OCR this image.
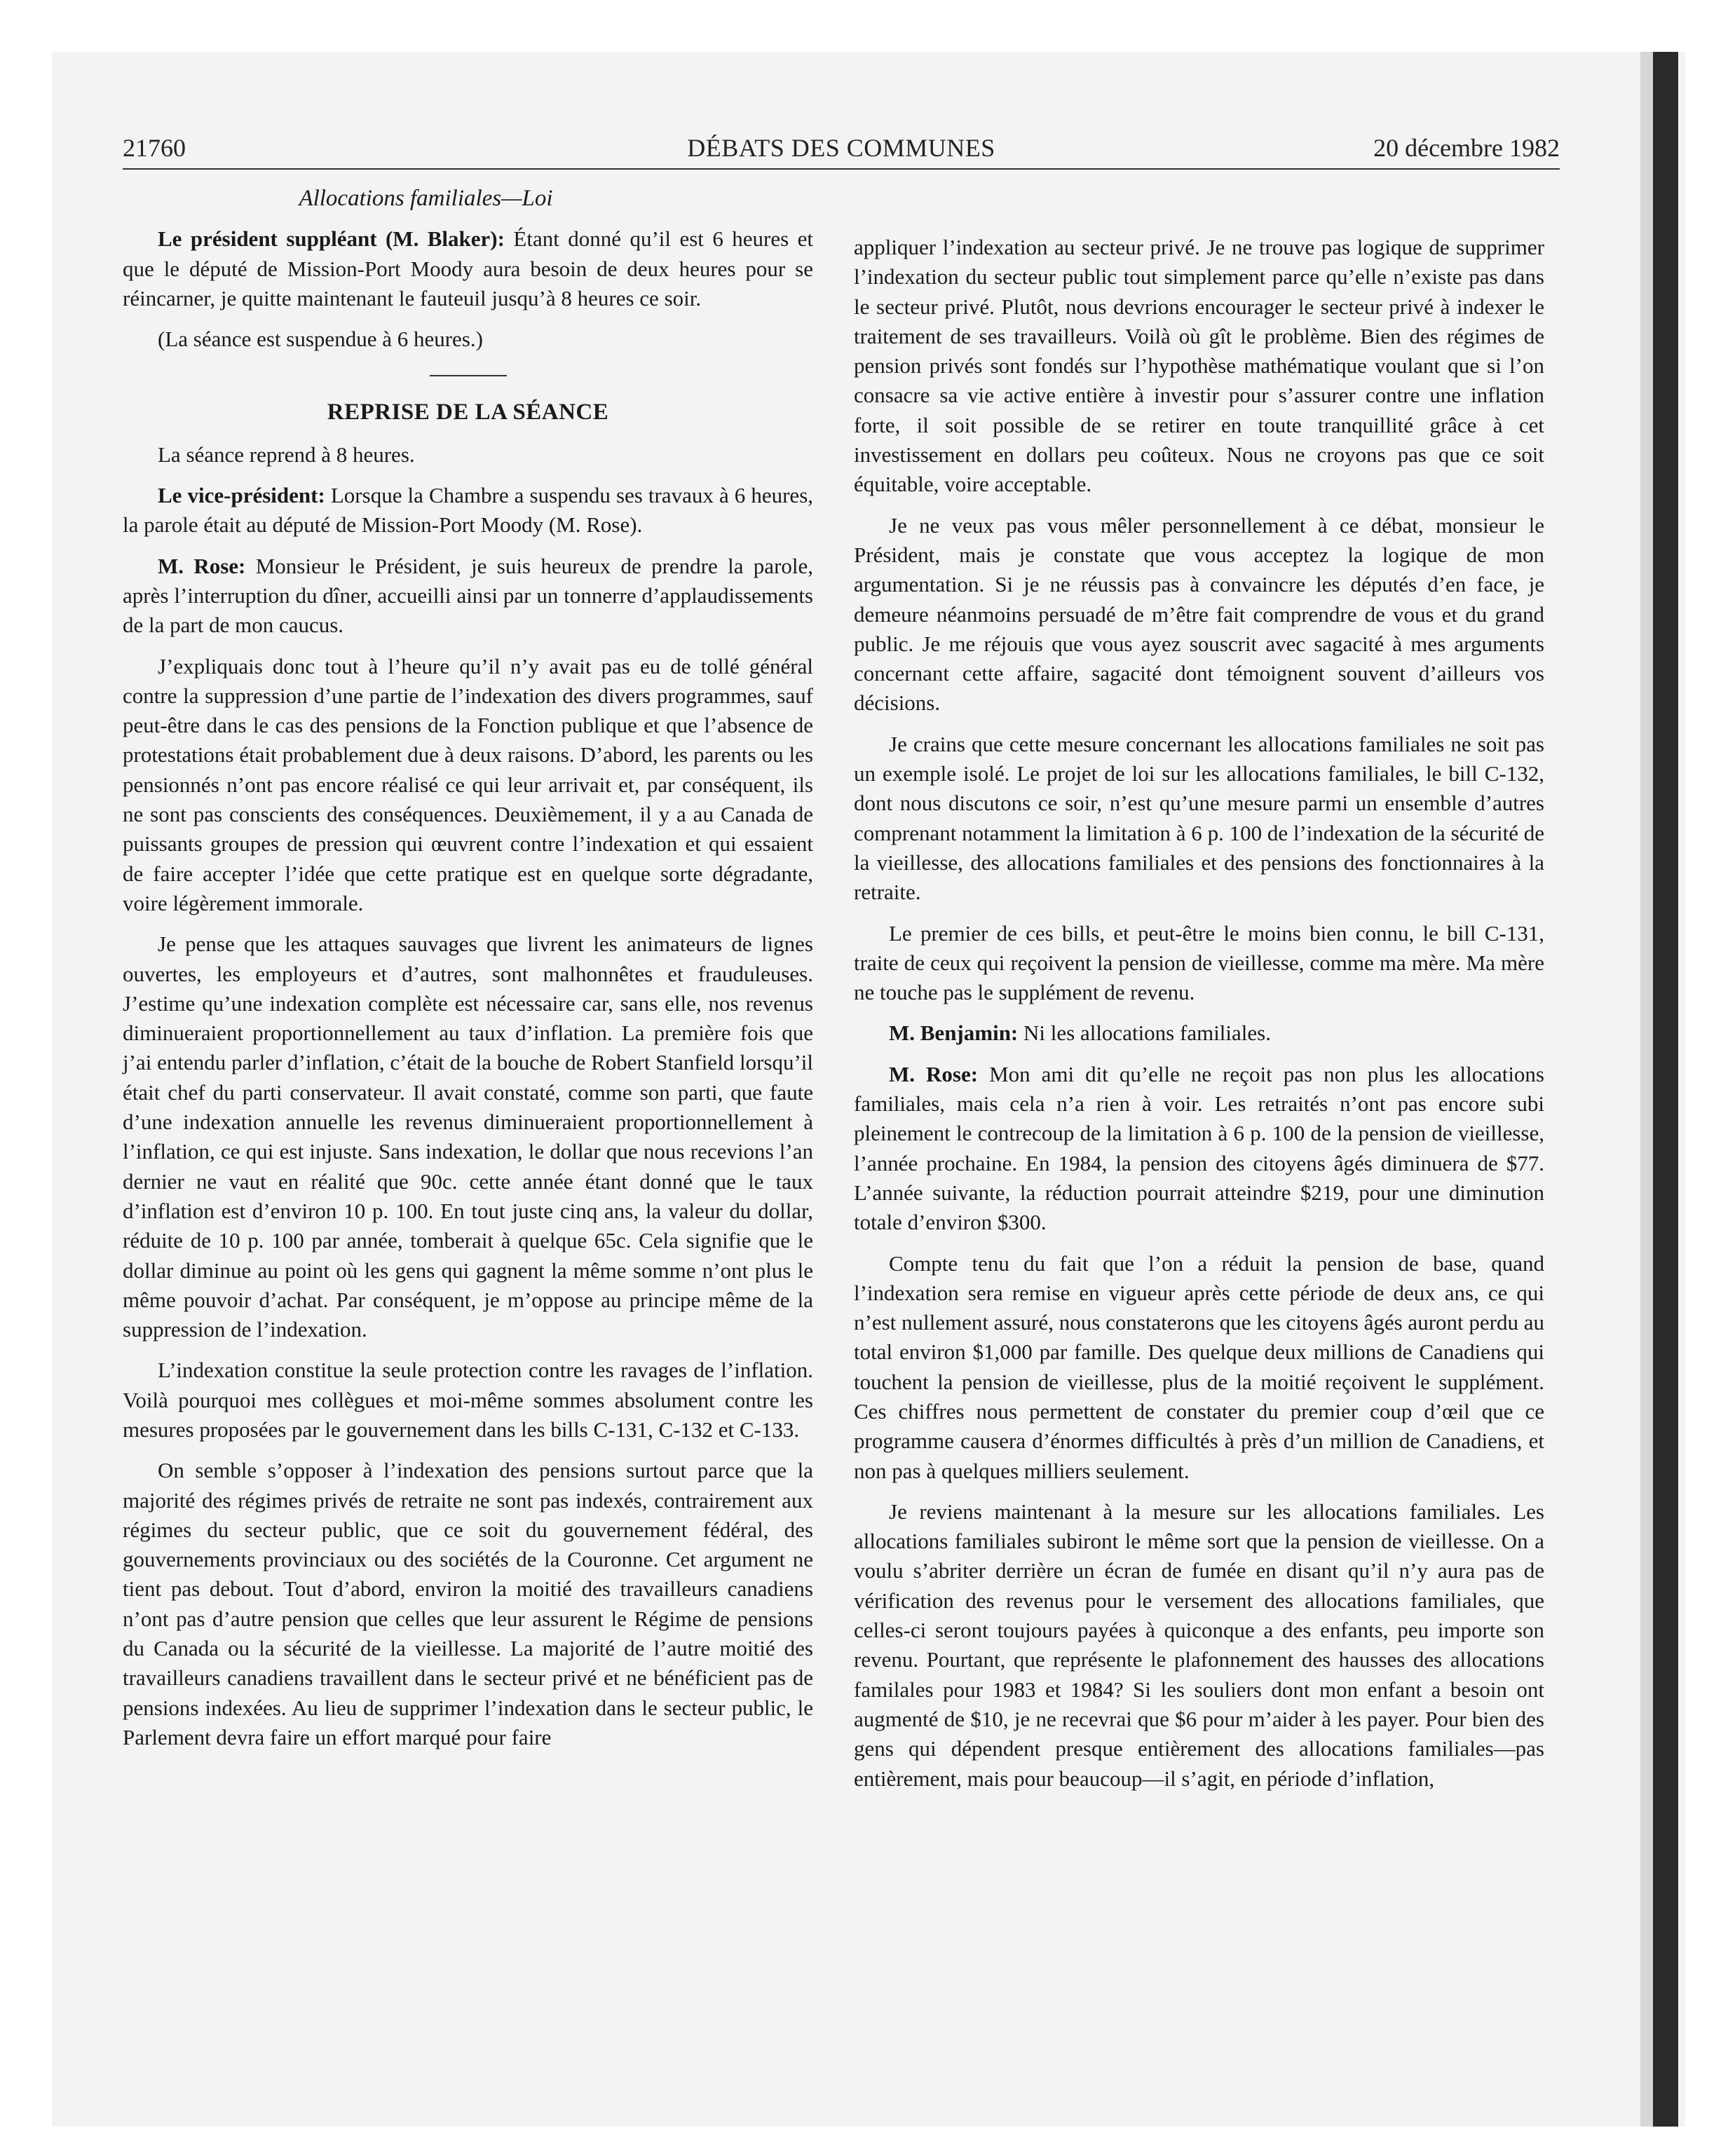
21760	DÉBATS DES COMMUNES	20 décembre 1982

Allocations familiales—Loi

Le président suppléant (M. Blaker): Étant donné qu’il est 6 heures et que le député de Mission-Port Moody aura besoin de deux heures pour se réincarner, je quitte maintenant le fauteuil jusqu’à 8 heures ce soir.

(La séance est suspendue à 6 heures.)

REPRISE DE LA SÉANCE

La séance reprend à 8 heures.

Le vice-président: Lorsque la Chambre a suspendu ses travaux à 6 heures, la parole était au député de Mission-Port Moody (M. Rose).

M. Rose: Monsieur le Président, je suis heureux de prendre la parole, après l’interruption du dîner, accueilli ainsi par un tonnerre d’applaudissements de la part de mon caucus.

J’expliquais donc tout à l’heure qu’il n’y avait pas eu de tollé général contre la suppression d’une partie de l’indexation des divers programmes, sauf peut-être dans le cas des pensions de la Fonction publique et que l’absence de protestations était probablement due à deux raisons. D’abord, les parents ou les pensionnés n’ont pas encore réalisé ce qui leur arrivait et, par conséquent, ils ne sont pas conscients des conséquences. Deuxièmement, il y a au Canada de puissants groupes de pression qui œuvrent contre l’indexation et qui essaient de faire accepter l’idée que cette pratique est en quelque sorte dégradante, voire légèrement immorale.

Je pense que les attaques sauvages que livrent les animateurs de lignes ouvertes, les employeurs et d’autres, sont malhonnêtes et frauduleuses. J’estime qu’une indexation complète est nécessaire car, sans elle, nos revenus diminueraient proportionnellement au taux d’inflation. La première fois que j’ai entendu parler d’inflation, c’était de la bouche de Robert Stanfield lorsqu’il était chef du parti conservateur. Il avait constaté, comme son parti, que faute d’une indexation annuelle les revenus diminueraient proportionnellement à l’inflation, ce qui est injuste. Sans indexation, le dollar que nous recevions l’an dernier ne vaut en réalité que 90c. cette année étant donné que le taux d’inflation est d’environ 10 p. 100. En tout juste cinq ans, la valeur du dollar, réduite de 10 p. 100 par année, tomberait à quelque 65c. Cela signifie que le dollar diminue au point où les gens qui gagnent la même somme n’ont plus le même pouvoir d’achat. Par conséquent, je m’oppose au principe même de la suppression de l’indexation.

L’indexation constitue la seule protection contre les ravages de l’inflation. Voilà pourquoi mes collègues et moi-même sommes absolument contre les mesures proposées par le gouvernement dans les bills C-131, C-132 et C-133.

On semble s’opposer à l’indexation des pensions surtout parce que la majorité des régimes privés de retraite ne sont pas indexés, contrairement aux régimes du secteur public, que ce soit du gouvernement fédéral, des gouvernements provinciaux ou des sociétés de la Couronne. Cet argument ne tient pas debout. Tout d’abord, environ la moitié des travailleurs canadiens n’ont pas d’autre pension que celles que leur assurent le Régime de pensions du Canada ou la sécurité de la vieillesse. La majorité de l’autre moitié des travailleurs canadiens travaillent dans le secteur privé et ne bénéficient pas de pensions indexées. Au lieu de supprimer l’indexation dans le secteur public, le Parlement devra faire un effort marqué pour faire

appliquer l’indexation au secteur privé. Je ne trouve pas logique de supprimer l’indexation du secteur public tout simplement parce qu’elle n’existe pas dans le secteur privé. Plutôt, nous devrions encourager le secteur privé à indexer le traitement de ses travailleurs. Voilà où gît le problème. Bien des régimes de pension privés sont fondés sur l’hypothèse mathématique voulant que si l’on consacre sa vie active entière à investir pour s’assurer contre une inflation forte, il soit possible de se retirer en toute tranquillité grâce à cet investissement en dollars peu coûteux. Nous ne croyons pas que ce soit équitable, voire acceptable.

Je ne veux pas vous mêler personnellement à ce débat, monsieur le Président, mais je constate que vous acceptez la logique de mon argumentation. Si je ne réussis pas à convaincre les députés d’en face, je demeure néanmoins persuadé de m’être fait comprendre de vous et du grand public. Je me réjouis que vous ayez souscrit avec sagacité à mes arguments concernant cette affaire, sagacité dont témoignent souvent d’ailleurs vos décisions.

Je crains que cette mesure concernant les allocations familiales ne soit pas un exemple isolé. Le projet de loi sur les allocations familiales, le bill C-132, dont nous discutons ce soir, n’est qu’une mesure parmi un ensemble d’autres comprenant notamment la limitation à 6 p. 100 de l’indexation de la sécurité de la vieillesse, des allocations familiales et des pensions des fonctionnaires à la retraite.

Le premier de ces bills, et peut-être le moins bien connu, le bill C-131, traite de ceux qui reçoivent la pension de vieillesse, comme ma mère. Ma mère ne touche pas le supplément de revenu.

M. Benjamin: Ni les allocations familiales.

M. Rose: Mon ami dit qu’elle ne reçoit pas non plus les allocations familiales, mais cela n’a rien à voir. Les retraités n’ont pas encore subi pleinement le contrecoup de la limitation à 6 p. 100 de la pension de vieillesse, l’année prochaine. En 1984, la pension des citoyens âgés diminuera de $77. L’année suivante, la réduction pourrait atteindre $219, pour une diminution totale d’environ $300.

Compte tenu du fait que l’on a réduit la pension de base, quand l’indexation sera remise en vigueur après cette période de deux ans, ce qui n’est nullement assuré, nous constaterons que les citoyens âgés auront perdu au total environ $1,000 par famille. Des quelque deux millions de Canadiens qui touchent la pension de vieillesse, plus de la moitié reçoivent le supplément. Ces chiffres nous permettent de constater du premier coup d’œil que ce programme causera d’énormes difficultés à près d’un million de Canadiens, et non pas à quelques milliers seulement.

Je reviens maintenant à la mesure sur les allocations familiales. Les allocations familiales subiront le même sort que la pension de vieillesse. On a voulu s’abriter derrière un écran de fumée en disant qu’il n’y aura pas de vérification des revenus pour le versement des allocations familiales, que celles-ci seront toujours payées à quiconque a des enfants, peu importe son revenu. Pourtant, que représente le plafonnement des hausses des allocations familales pour 1983 et 1984? Si les souliers dont mon enfant a besoin ont augmenté de $10, je ne recevrai que $6 pour m’aider à les payer. Pour bien des gens qui dépendent presque entièrement des allocations familiales—pas entièrement, mais pour beaucoup—il s’agit, en période d’inflation,
